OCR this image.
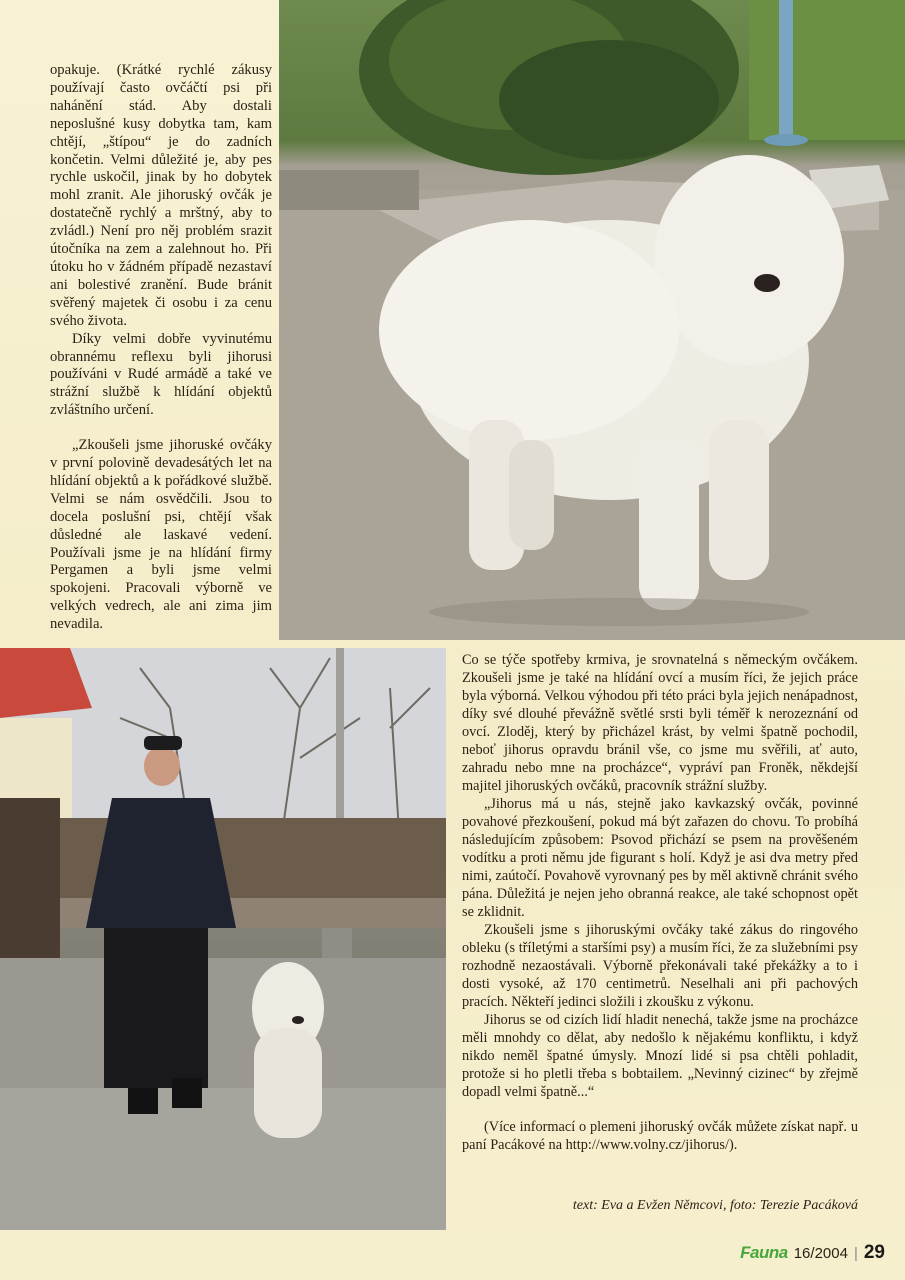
opakuje. (Krátké rychlé zákusy používají často ovčáčtí psi při nahánění stád. Aby dostali neposlušné kusy dobytka tam, kam chtějí, „štípou“ je do zadních končetin. Velmi důležité je, aby pes rychle uskočil, jinak by ho dobytek mohl zranit. Ale jihoruský ovčák je dostatečně rychlý a mrštný, aby to zvládl.) Není pro něj problém srazit útočníka na zem a zalehnout ho. Při útoku ho v žádném případě nezastaví ani bolestivé zranění. Bude bránit svěřený majetek či osobu i za cenu svého života.

Díky velmi dobře vyvinutému obrannému reflexu byli jihorusi používáni v Rudé armádě a také ve strážní službě k hlídání objektů zvláštního určení.

„Zkoušeli jsme jihoruské ovčáky v první polovině devadesátých let na hlídání objektů a k pořádkové službě. Velmi se nám osvědčili. Jsou to docela poslušní psi, chtějí však důsledné ale laskavé vedení. Používali jsme je na hlídání firmy Pergamen a byli jsme velmi spokojeni. Pracovali výborně ve velkých vedrech, ale ani zima jim nevadila.

Co se týče spotřeby krmiva, je srovnatelná s německým ovčákem. Zkoušeli jsme je také na hlídání ovcí a musím říci, že jejich práce byla výborná. Velkou výhodou při této práci byla jejich nenápadnost, díky své dlouhé převážně světlé srsti byli téměř k nerozeznání od ovcí. Zloděj, který by přicházel krást, by velmi špatně pochodil, neboť jihorus opravdu bránil vše, co jsme mu svěřili, ať auto, zahradu nebo mne na procházce“, vypráví pan Froněk, někdejší majitel jihoruských ovčáků, pracovník strážní služby.

„Jihorus má u nás, stejně jako kavkazský ovčák, povinné povahové přezkoušení, pokud má být zařazen do chovu. To probíhá následujícím způsobem: Psovod přichází se psem na prověšeném vodítku a proti němu jde figurant s holí. Když je asi dva metry před nimi, zaútočí. Povahově vyrovnaný pes by měl aktivně chránit svého pána. Důležitá je nejen jeho obranná reakce, ale také schopnost opět se zklidnit.

Zkoušeli jsme s jihoruskými ovčáky také zákus do ringového obleku (s tříletými a staršími psy) a musím říci, že za služebními psy rozhodně nezaostávali. Výborně překonávali také překážky a to i dosti vysoké, až 170 centimetrů. Neselhali ani při pachových pracích. Někteří jedinci složili i zkoušku z výkonu.

Jihorus se od cizích lidí hladit nenechá, takže jsme na procházce měli mnohdy co dělat, aby nedošlo k nějakému konfliktu, i když nikdo neměl špatné úmysly. Mnozí lidé si psa chtěli pohladit, protože si ho pletli třeba s bobtailem. „Nevinný cizinec“ by zřejmě dopadl velmi špatně...“

(Více informací o plemeni jihoruský ovčák můžete získat např. u paní Pacákové na http://www.volny.cz/jihorus/).

text: Eva a Evžen Němcovi, foto: Terezie Pacáková
Fauna 16/2004 | 29
